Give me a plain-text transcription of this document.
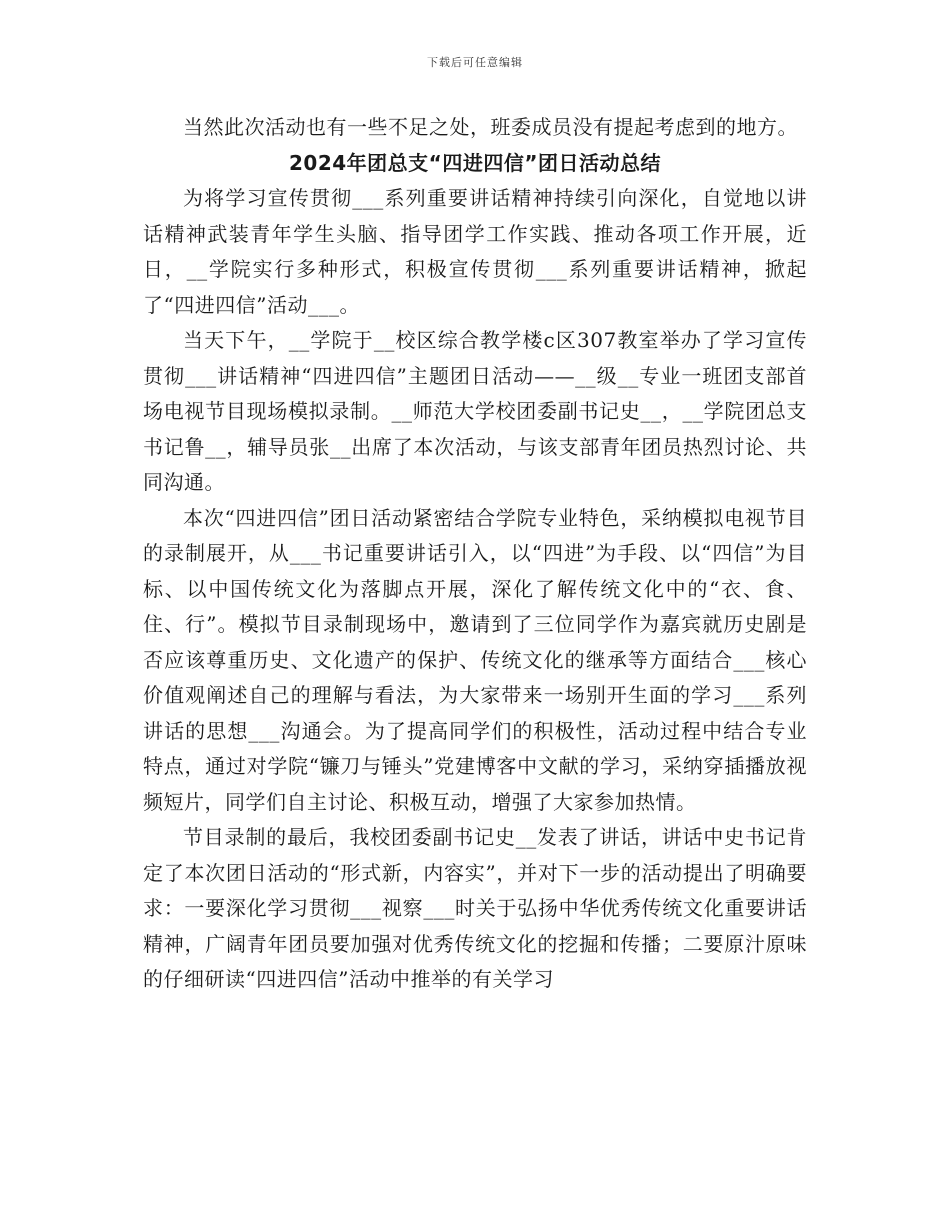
下载后可任意编辑

当然此次活动也有一些不足之处，班委成员没有提起考虑到的地方。

2024年团总支“四进四信”团日活动总结

为将学习宣传贯彻___系列重要讲话精神持续引向深化，自觉地以讲话精神武装青年学生头脑、指导团学工作实践、推动各项工作开展，近日，__学院实行多种形式，积极宣传贯彻___系列重要讲话精神，掀起了“四进四信”活动___。

当天下午，__学院于__校区综合教学楼c区307教室举办了学习宣传贯彻___讲话精神“四进四信”主题团日活动——__级__专业一班团支部首场电视节目现场模拟录制。__师范大学校团委副书记史__，__学院团总支书记鲁__，辅导员张__出席了本次活动，与该支部青年团员热烈讨论、共同沟通。

本次“四进四信”团日活动紧密结合学院专业特色，采纳模拟电视节目的录制展开，从___书记重要讲话引入，以“四进”为手段、以“四信”为目标、以中国传统文化为落脚点开展，深化了解传统文化中的“衣、食、住、行”。模拟节目录制现场中，邀请到了三位同学作为嘉宾就历史剧是否应该尊重历史、文化遗产的保护、传统文化的继承等方面结合___核心价值观阐述自己的理解与看法，为大家带来一场别开生面的学习___系列讲话的思想___沟通会。为了提高同学们的积极性，活动过程中结合专业特点，通过对学院“镰刀与锤头”党建博客中文献的学习，采纳穿插播放视频短片，同学们自主讨论、积极互动，增强了大家参加热情。

节目录制的最后，我校团委副书记史__发表了讲话，讲话中史书记肯定了本次团日活动的“形式新，内容实”，并对下一步的活动提出了明确要求：一要深化学习贯彻___视察___时关于弘扬中华优秀传统文化重要讲话精神，广阔青年团员要加强对优秀传统文化的挖掘和传播；二要原汁原味的仔细研读“四进四信”活动中推举的有关学习
